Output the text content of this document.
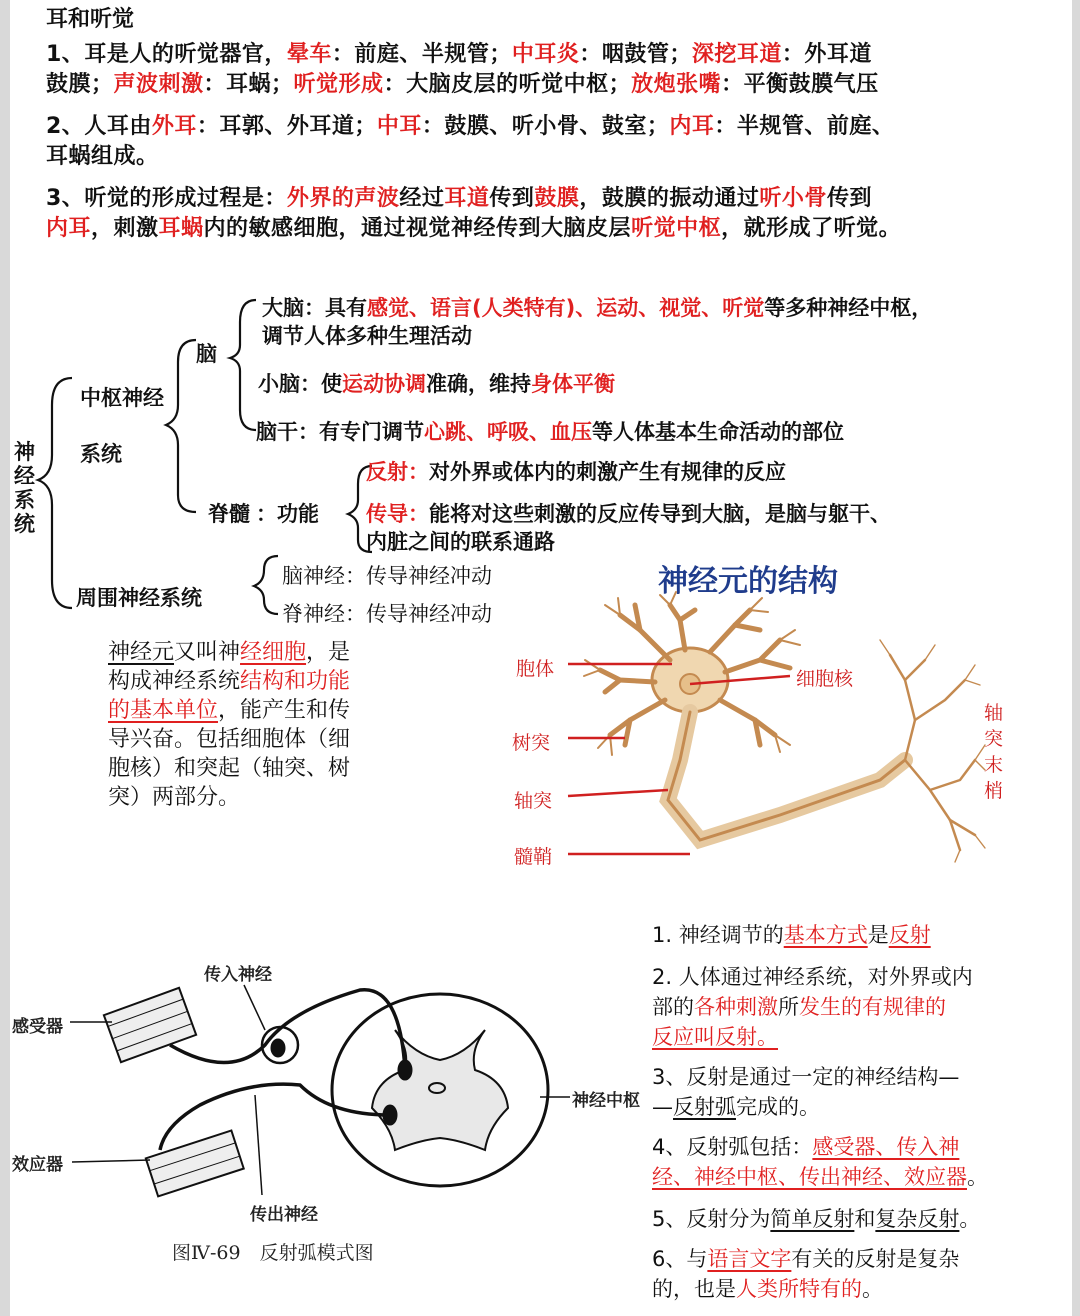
耳和听觉
1、耳是人的听觉器官，晕车：前庭、半规管；中耳炎：咽鼓管；深挖耳道：外耳道
鼓膜；声波刺激：耳蜗；听觉形成：大脑皮层的听觉中枢；放炮张嘴：平衡鼓膜气压
2、人耳由外耳：耳郭、外耳道；中耳：鼓膜、听小骨、鼓室；内耳：半规管、前庭、
耳蜗组成。
3、听觉的形成过程是：外界的声波经过耳道传到鼓膜，鼓膜的振动通过听小骨传到
内耳，刺激耳蜗内的敏感细胞，通过视觉神经传到大脑皮层听觉中枢，就形成了听觉。
神经系统
中枢神经
系统
脑
大脑：具有感觉、语言(人类特有)、运动、视觉、听觉等多种神经中枢，
调节人体多种生理活动
小脑：使运动协调准确，维持身体平衡
脑干：有专门调节心跳、呼吸、血压等人体基本生命活动的部位
脊髓 ：功能
反射：对外界或体内的刺激产生有规律的反应
传导：能将对这些刺激的反应传导到大脑，是脑与躯干、
内脏之间的联系通路
周围神经系统
脑神经：传导神经冲动
脊神经：传导神经冲动
神经元又叫神经细胞，是
构成神经系统结构和功能
的基本单位，能产生和传
导兴奋。包括细胞体（细
胞核）和突起（轴突、树
突）两部分。
神经元的结构
胞体	细胞核
树突
轴突
髓鞘
轴
突
末
梢
传入神经
感受器
神经中枢
效应器
传出神经
图Ⅳ-69　反射弧模式图
1. 神经调节的基本方式是反射
2. 人体通过神经系统，对外界或内
部的各种刺激所发生的有规律的
反应叫反射。
3、反射是通过一定的神经结构—
—反射弧完成的。
4、反射弧包括：感受器、传入神
经、神经中枢、传出神经、效应器。
5、反射分为简单反射和复杂反射。
6、与语言文字有关的反射是复杂
的，也是人类所特有的。
